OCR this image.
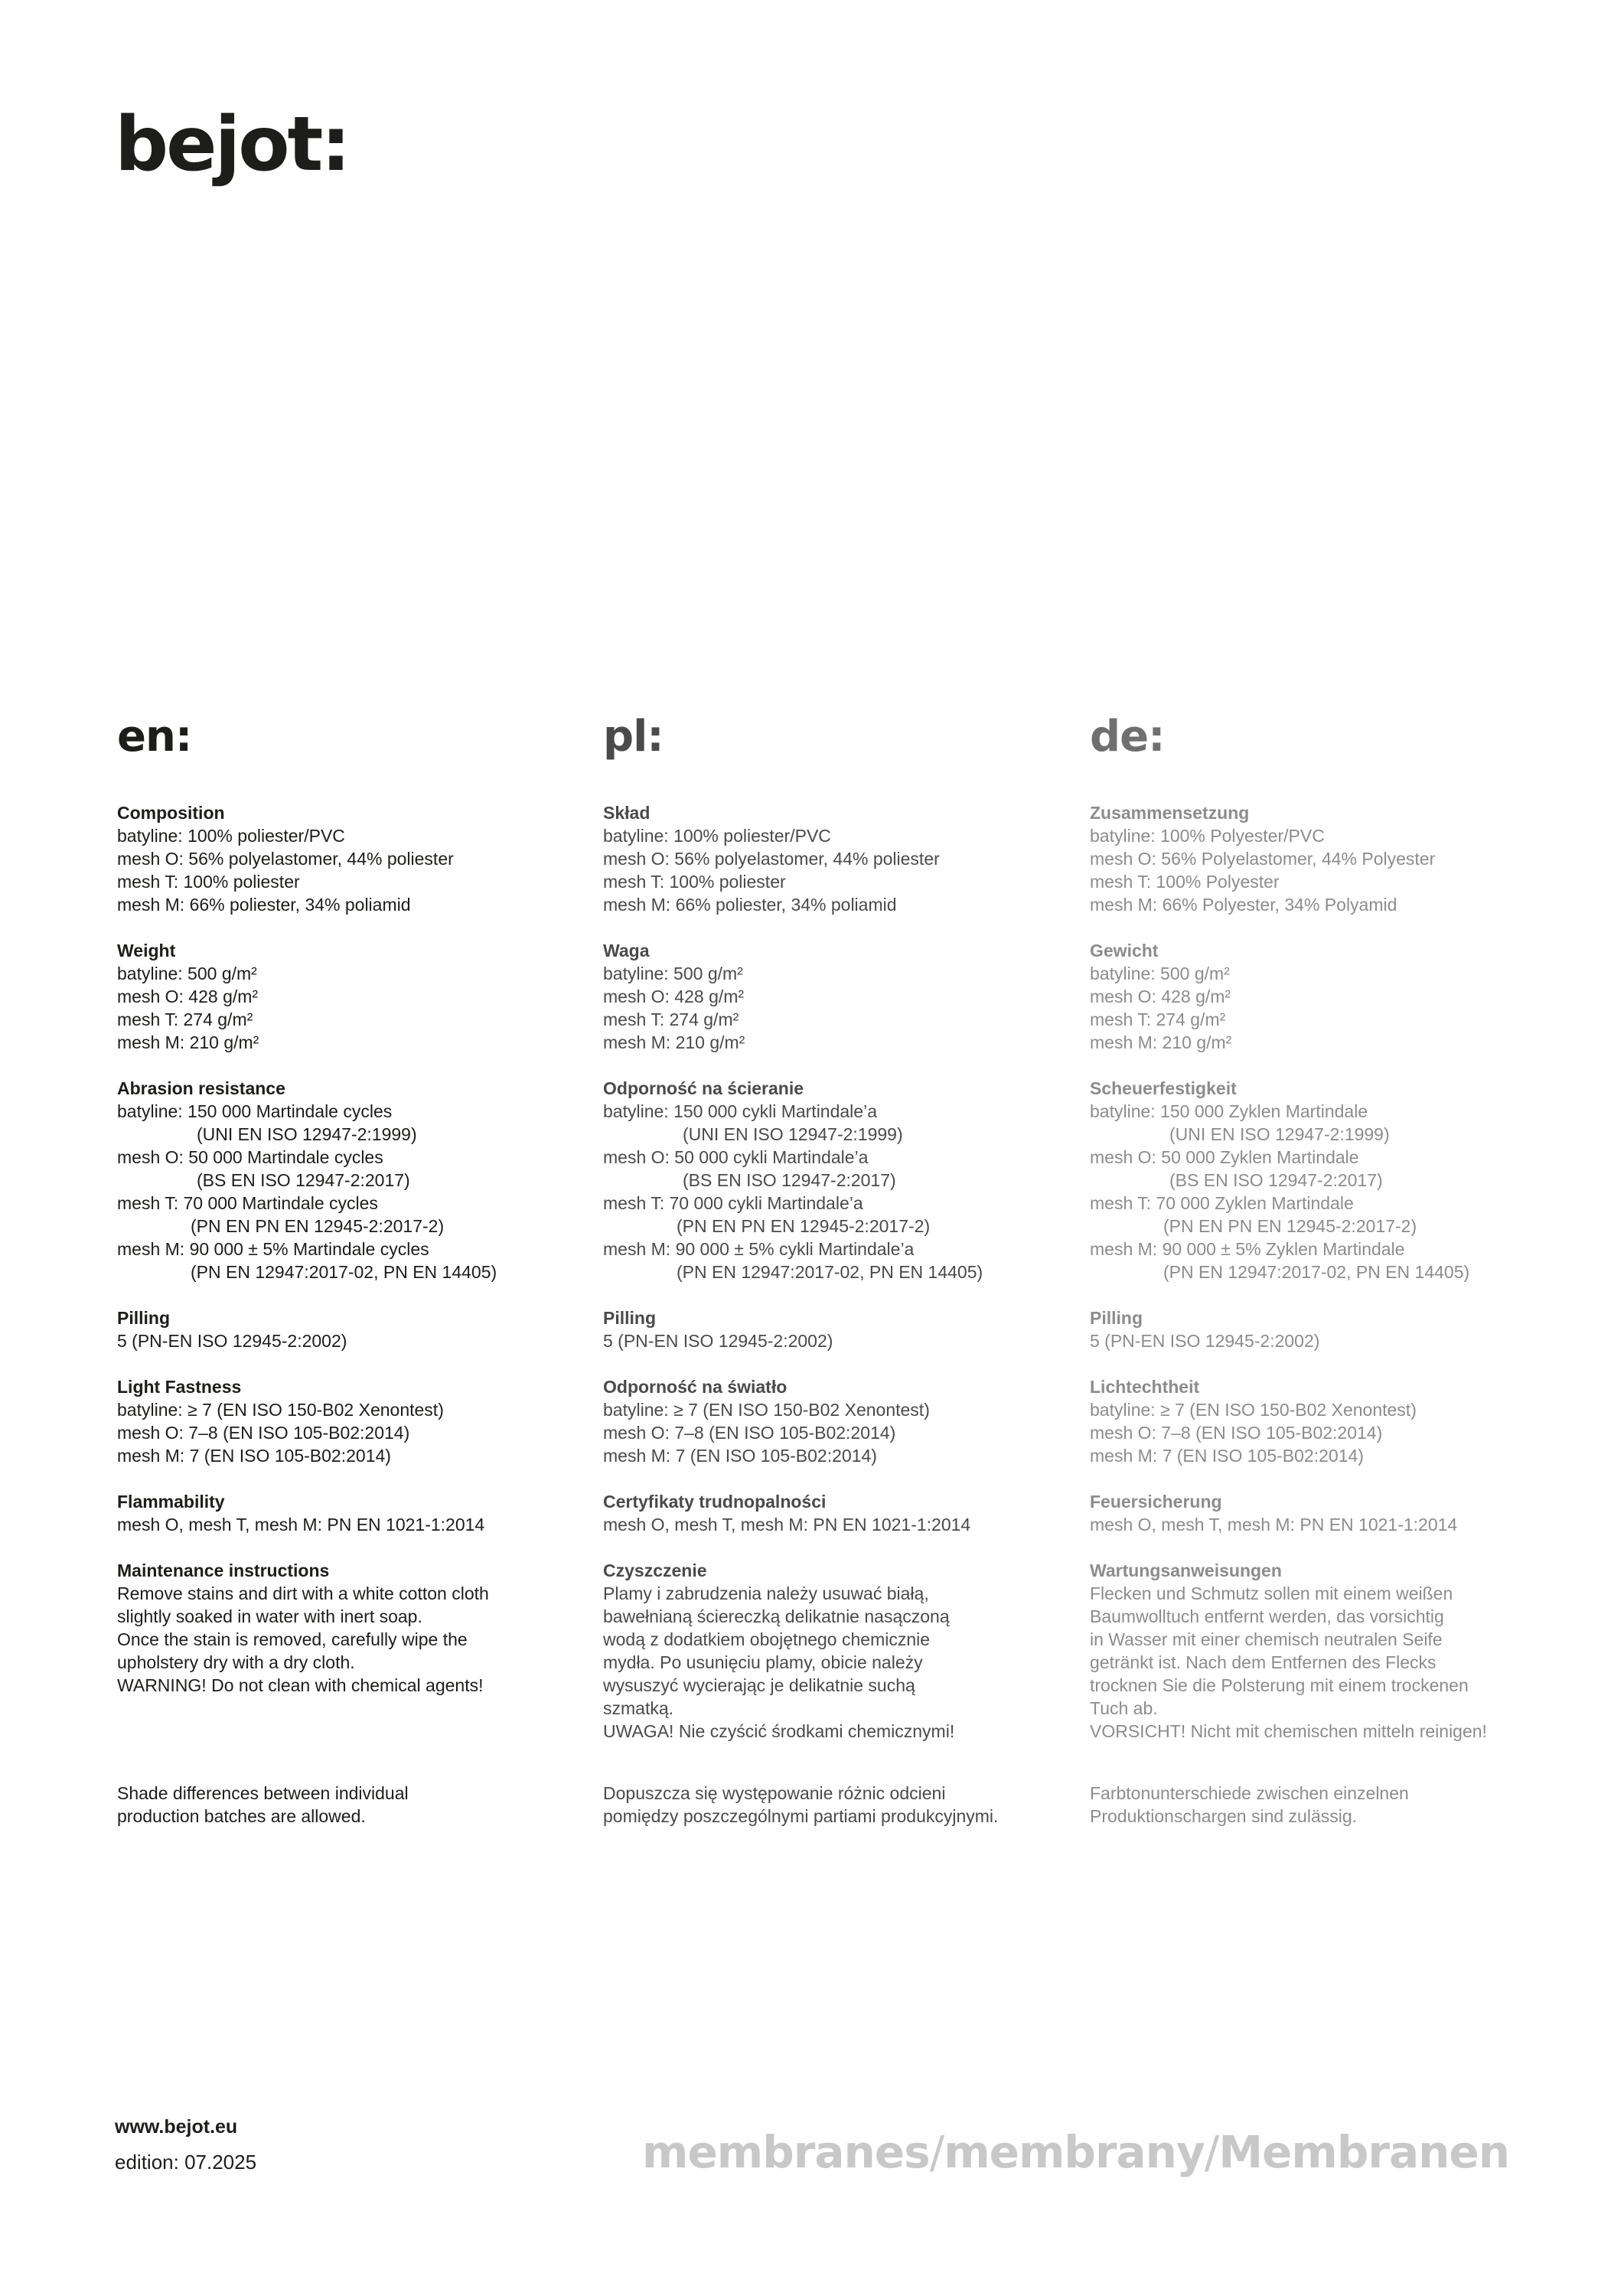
bejot:
en:
Composition
batyline: 100% poliester/PVC
mesh O: 56% polyelastomer, 44% poliester
mesh T: 100% poliester
mesh M: 66% poliester, 34% poliamid
Weight
batyline: 500 g/m²
mesh O: 428 g/m²
mesh T: 274 g/m²
mesh M: 210 g/m²
Abrasion resistance
batyline: 150 000 Martindale cycles
(UNI EN ISO 12947-2:1999)
mesh O: 50 000 Martindale cycles
(BS EN ISO 12947-2:2017)
mesh T: 70 000 Martindale cycles
(PN EN PN EN 12945-2:2017-2)
mesh M: 90 000 ± 5% Martindale cycles
(PN EN 12947:2017-02, PN EN 14405)
Pilling
5 (PN-EN ISO 12945-2:2002)
Light Fastness
batyline: ≥ 7 (EN ISO 150-B02 Xenontest)
mesh O: 7–8 (EN ISO 105-B02:2014)
mesh M: 7 (EN ISO 105-B02:2014)
Flammability
mesh O, mesh T, mesh M: PN EN 1021-1:2014
Maintenance instructions
Remove stains and dirt with a white cotton cloth
slightly soaked in water with inert soap.
Once the stain is removed, carefully wipe the
upholstery dry with a dry cloth.
WARNING! Do not clean with chemical agents!
pl:
Skład
batyline: 100% poliester/PVC
mesh O: 56% polyelastomer, 44% poliester
mesh T: 100% poliester
mesh M: 66% poliester, 34% poliamid
Waga
batyline: 500 g/m²
mesh O: 428 g/m²
mesh T: 274 g/m²
mesh M: 210 g/m²
Odporność na ścieranie
batyline: 150 000 cykli Martindale’a
(UNI EN ISO 12947-2:1999)
mesh O: 50 000 cykli Martindale’a
(BS EN ISO 12947-2:2017)
mesh T: 70 000 cykli Martindale’a
(PN EN PN EN 12945-2:2017-2)
mesh M: 90 000 ± 5% cykli Martindale’a
(PN EN 12947:2017-02, PN EN 14405)
Pilling
5 (PN-EN ISO 12945-2:2002)
Odporność na światło
batyline: ≥ 7 (EN ISO 150-B02 Xenontest)
mesh O: 7–8 (EN ISO 105-B02:2014)
mesh M: 7 (EN ISO 105-B02:2014)
Certyfikaty trudnopalności
mesh O, mesh T, mesh M: PN EN 1021-1:2014
Czyszczenie
Plamy i zabrudzenia należy usuwać białą,
bawełnianą ściereczką delikatnie nasączoną
wodą z dodatkiem obojętnego chemicznie
mydła. Po usunięciu plamy, obicie należy
wysuszyć wycierając je delikatnie suchą
szmatką.
UWAGA! Nie czyścić środkami chemicznymi!
de:
Zusammensetzung
batyline: 100% Polyester/PVC
mesh O: 56% Polyelastomer, 44% Polyester
mesh T: 100% Polyester
mesh M: 66% Polyester, 34% Polyamid
Gewicht
batyline: 500 g/m²
mesh O: 428 g/m²
mesh T: 274 g/m²
mesh M: 210 g/m²
Scheuerfestigkeit
batyline: 150 000 Zyklen Martindale
(UNI EN ISO 12947-2:1999)
mesh O: 50 000 Zyklen Martindale
(BS EN ISO 12947-2:2017)
mesh T: 70 000 Zyklen Martindale
(PN EN PN EN 12945-2:2017-2)
mesh M: 90 000 ± 5% Zyklen Martindale
(PN EN 12947:2017-02, PN EN 14405)
Pilling
5 (PN-EN ISO 12945-2:2002)
Lichtechtheit
batyline: ≥ 7 (EN ISO 150-B02 Xenontest)
mesh O: 7–8 (EN ISO 105-B02:2014)
mesh M: 7 (EN ISO 105-B02:2014)
Feuersicherung
mesh O, mesh T, mesh M: PN EN 1021-1:2014
Wartungsanweisungen
Flecken und Schmutz sollen mit einem weißen
Baumwolltuch entfernt werden, das vorsichtig
in Wasser mit einer chemisch neutralen Seife
getränkt ist. Nach dem Entfernen des Flecks
trocknen Sie die Polsterung mit einem trockenen
Tuch ab.
VORSICHT! Nicht mit chemischen mitteln reinigen!
Shade differences between individual
production batches are allowed.
Dopuszcza się występowanie różnic odcieni
pomiędzy poszczególnymi partiami produkcyjnymi.
Farbtonunterschiede zwischen einzelnen
Produktionschargen sind zulässig.
www.bejot.eu
edition: 07.2025	membranes/membrany/Membranen
